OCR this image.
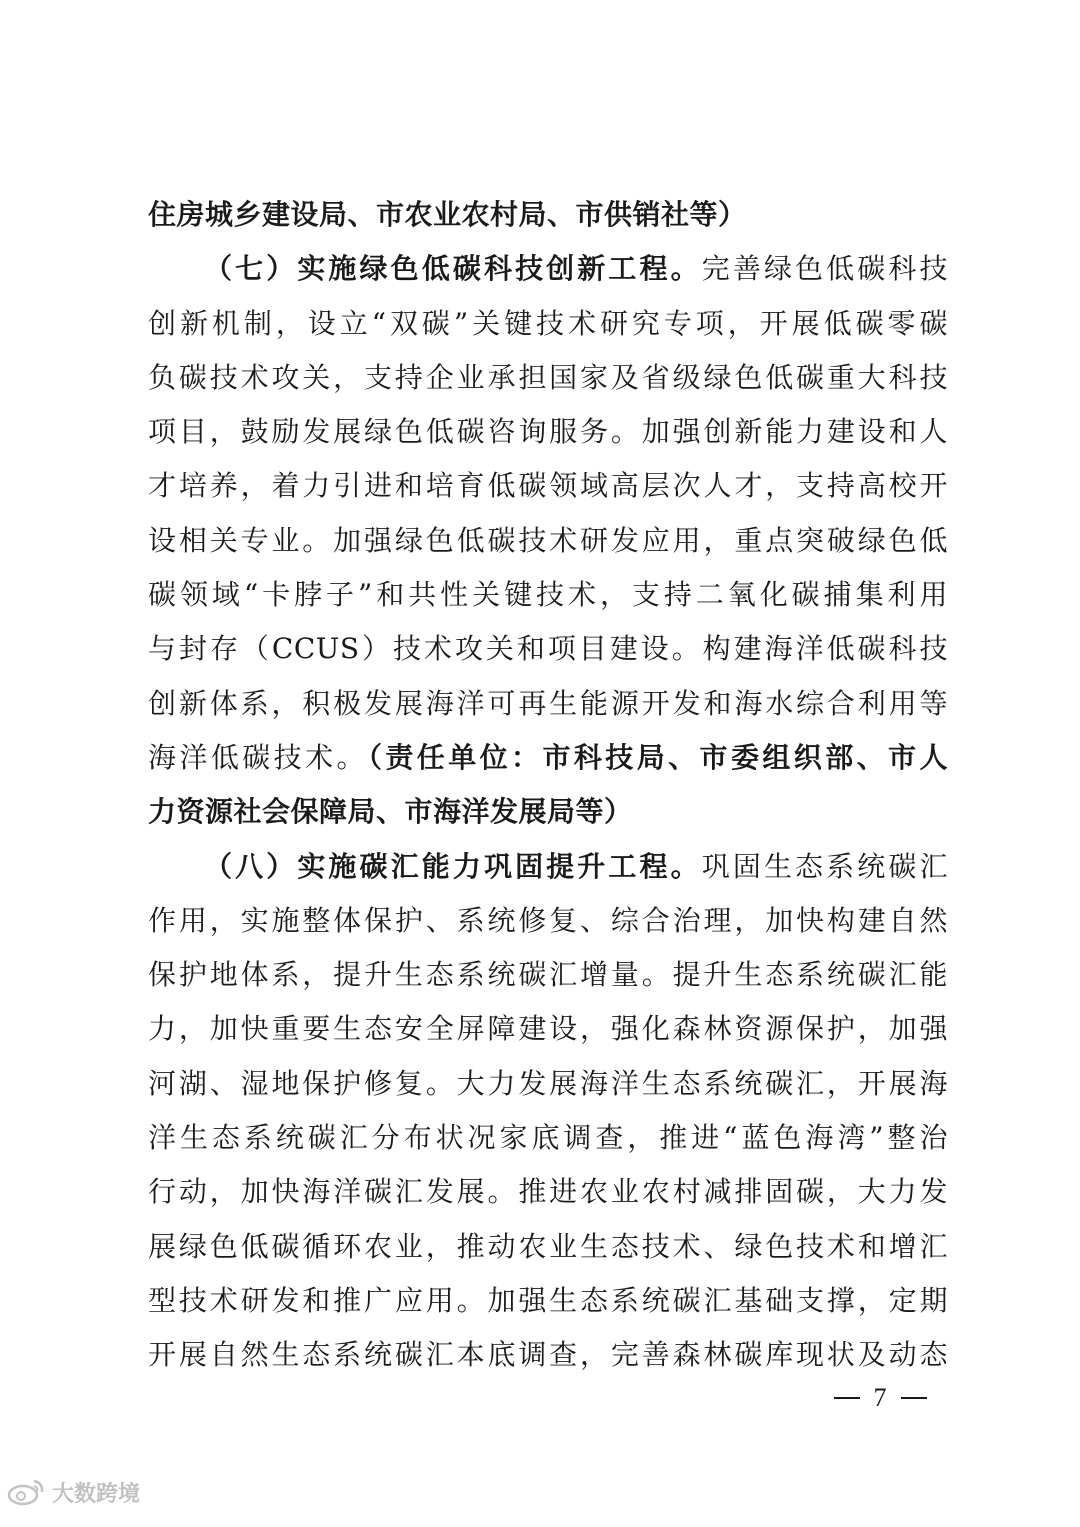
住房城乡建设局、市农业农村局、市供销社等）
（七）实施绿色低碳科技创新工程。完善绿色低碳科技
创新机制，设立“双碳”关键技术研究专项，开展低碳零碳
负碳技术攻关，支持企业承担国家及省级绿色低碳重大科技
项目，鼓励发展绿色低碳咨询服务。加强创新能力建设和人
才培养，着力引进和培育低碳领域高层次人才，支持高校开
设相关专业。加强绿色低碳技术研发应用，重点突破绿色低
碳领域“卡脖子”和共性关键技术，支持二氧化碳捕集利用
与封存（CCUS）技术攻关和项目建设。构建海洋低碳科技
创新体系，积极发展海洋可再生能源开发和海水综合利用等
海洋低碳技术。（责任单位：市科技局、市委组织部、市人
力资源社会保障局、市海洋发展局等）
（八）实施碳汇能力巩固提升工程。巩固生态系统碳汇
作用，实施整体保护、系统修复、综合治理，加快构建自然
保护地体系，提升生态系统碳汇增量。提升生态系统碳汇能
力，加快重要生态安全屏障建设，强化森林资源保护，加强
河湖、湿地保护修复。大力发展海洋生态系统碳汇，开展海
洋生态系统碳汇分布状况家底调查，推进“蓝色海湾”整治
行动，加快海洋碳汇发展。推进农业农村减排固碳，大力发
展绿色低碳循环农业，推动农业生态技术、绿色技术和增汇
型技术研发和推广应用。加强生态系统碳汇基础支撑，定期
开展自然生态系统碳汇本底调查，完善森林碳库现状及动态
7
大数跨境
